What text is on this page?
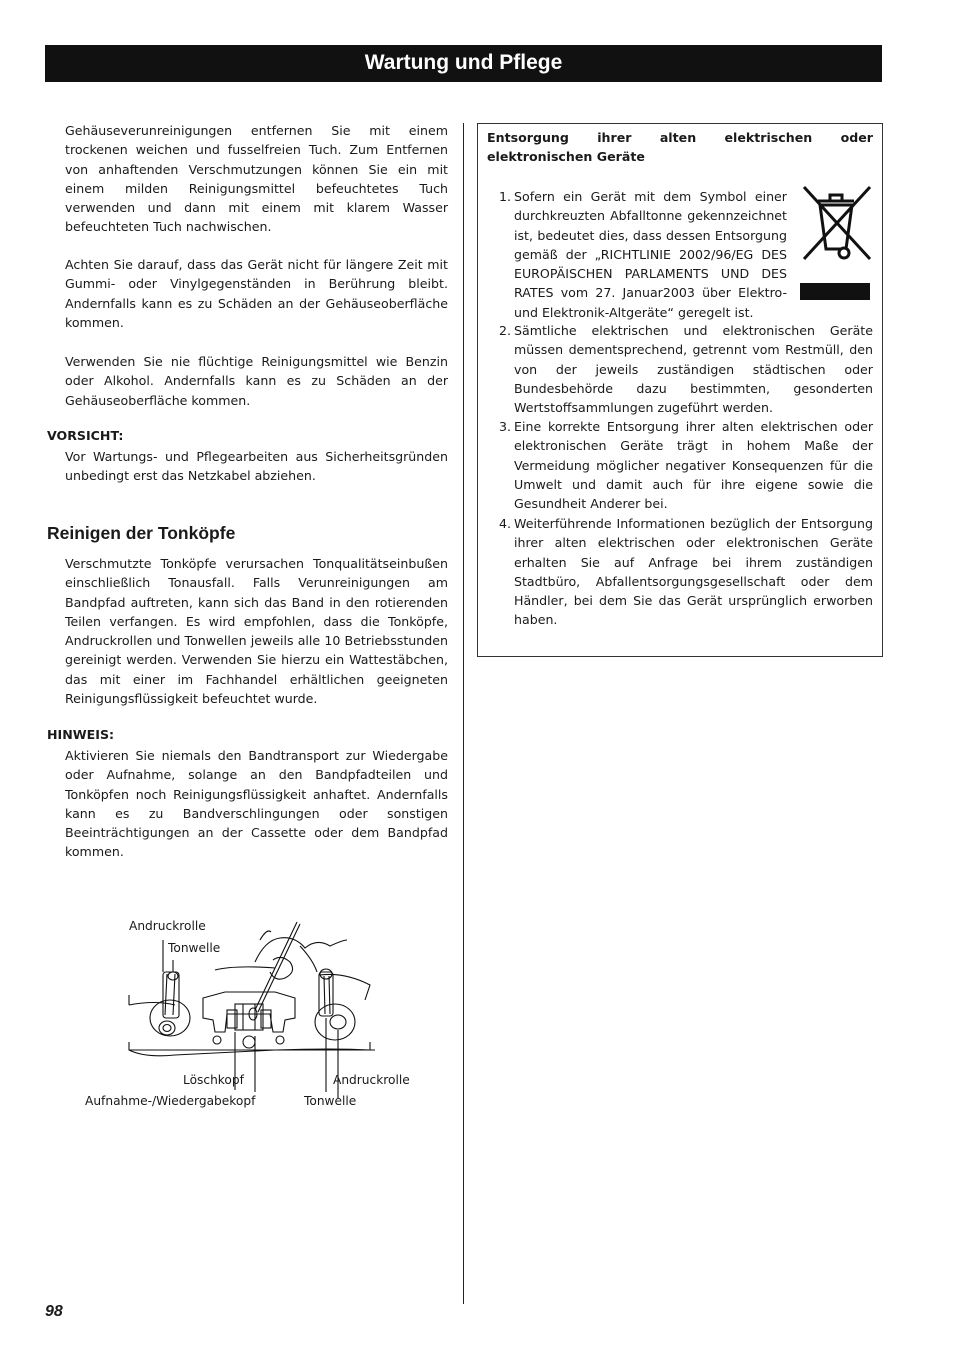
Wartung und Pflege

Gehäuseverunreinigungen entfernen Sie mit einem trockenen weichen und fusselfreien Tuch. Zum Entfernen von anhaftenden Verschmutzungen können Sie ein mit einem milden Reinigungsmittel befeuchtetes Tuch verwenden und dann mit einem mit klarem Wasser befeuchteten Tuch nachwischen.

Achten Sie darauf, dass das Gerät nicht für längere Zeit mit Gummi- oder Vinylgegenständen in Berührung bleibt. Andernfalls kann es zu Schäden an der Gehäuseoberfläche kommen.

Verwenden Sie nie flüchtige Reinigungsmittel wie Benzin oder Alkohol. Andernfalls kann es zu Schäden an der Gehäuseoberfläche kommen.

VORSICHT:

Vor Wartungs- und Pflegearbeiten aus Sicherheitsgründen unbedingt erst das Netzkabel abziehen.

Reinigen der Tonköpfe

Verschmutzte Tonköpfe verursachen Tonqualitätseinbußen einschließlich Tonausfall. Falls Verunreinigungen am Bandpfad auftreten, kann sich das Band in den rotierenden Teilen verfangen. Es wird empfohlen, dass die Tonköpfe, Andruckrollen und Tonwellen jeweils alle 10 Betriebsstunden gereinigt werden. Verwenden Sie hierzu ein Wattestäbchen, das mit einer im Fachhandel erhältlichen geeigneten Reinigungsflüssigkeit befeuchtet wurde.

HINWEIS:

Aktivieren Sie niemals den Bandtransport zur Wiedergabe oder Aufnahme, solange an den Bandpfadteilen und Tonköpfen noch Reinigungsflüssigkeit anhaftet. Andernfalls kann es zu Bandverschlingungen oder sonstigen Beeinträchtigungen an der Cassette oder dem Bandpfad kommen.

Andruckrolle
Tonwelle
Löschkopf
Aufnahme-/Wiedergabekopf
Andruckrolle
Tonwelle

Entsorgung ihrer alten elektrischen oder elektronischen Geräte

1. Sofern ein Gerät mit dem Symbol einer durchkreuzten Abfalltonne gekennzeichnet ist, bedeutet dies, dass dessen Entsorgung gemäß der „RICHTLINIE 2002/96/EG DES EUROPÄISCHEN PARLAMENTS UND DES RATES vom 27. Januar2003 über Elektro- und Elektronik-Altgeräte“ geregelt ist.
2. Sämtliche elektrischen und elektronischen Geräte müssen dementsprechend, getrennt vom Restmüll, den von der jeweils zuständigen städtischen oder Bundesbehörde dazu bestimmten, gesonderten Wertstoffsammlungen zugeführt werden.
3. Eine korrekte Entsorgung ihrer alten elektrischen oder elektronischen Geräte trägt in hohem Maße der Vermeidung möglicher negativer Konsequenzen für die Umwelt und damit auch für ihre eigene sowie die Gesundheit Anderer bei.
4. Weiterführende Informationen bezüglich der Entsorgung ihrer alten elektrischen oder elektronischen Geräte erhalten Sie auf Anfrage bei ihrem zuständigen Stadtbüro, Abfallentsorgungsgesellschaft oder dem Händler, bei dem Sie das Gerät ursprünglich erworben haben.
98
